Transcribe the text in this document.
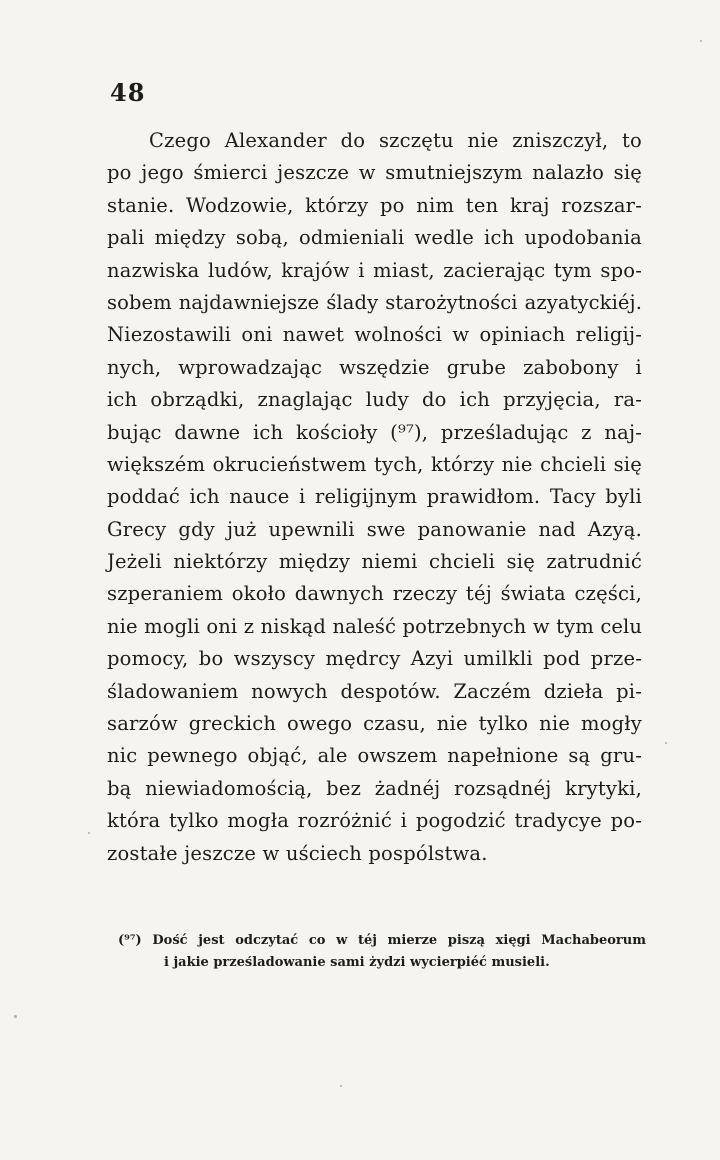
48
Czego Alexander do szczętu nie zniszczył, to
po jego śmierci jeszcze w smutniejszym nalazło się
stanie. Wodzowie, którzy po nim ten kraj rozszar-
pali między sobą, odmieniali wedle ich upodobania
nazwiska ludów, krajów i miast, zacierając tym spo-
sobem najdawniejsze ślady starożytności azyatyckiéj.
Niezostawili oni nawet wolności w opiniach religij-
nych, wprowadzając wszędzie grube zabobony i
ich obrządki, znaglając ludy do ich przyjęcia, ra-
bując dawne ich kościoły (⁹⁷), prześladując z naj-
większém okrucieństwem tych, którzy nie chcieli się
poddać ich nauce i religijnym prawidłom. Tacy byli
Grecy gdy już upewnili swe panowanie nad Azyą.
Jeżeli niektórzy między niemi chcieli się zatrudnić
szperaniem około dawnych rzeczy téj świata części,
nie mogli oni z niskąd naleść potrzebnych w tym celu
pomocy, bo wszyscy mędrcy Azyi umilkli pod prze-
śladowaniem nowych despotów. Zaczém dzieła pi-
sarzów greckich owego czasu, nie tylko nie mogły
nic pewnego objąć, ale owszem napełnione są gru-
bą niewiadomością, bez żadnéj rozsądnéj krytyki,
która tylko mogła rozróżnić i pogodzić tradycye po-
zostałe jeszcze w uściech pospólstwa.
(⁹⁷) Dość jest odczytać co w téj mierze piszą xięgi Machabeorum
i jakie prześladowanie sami żydzi wycierpiéć musieli.
